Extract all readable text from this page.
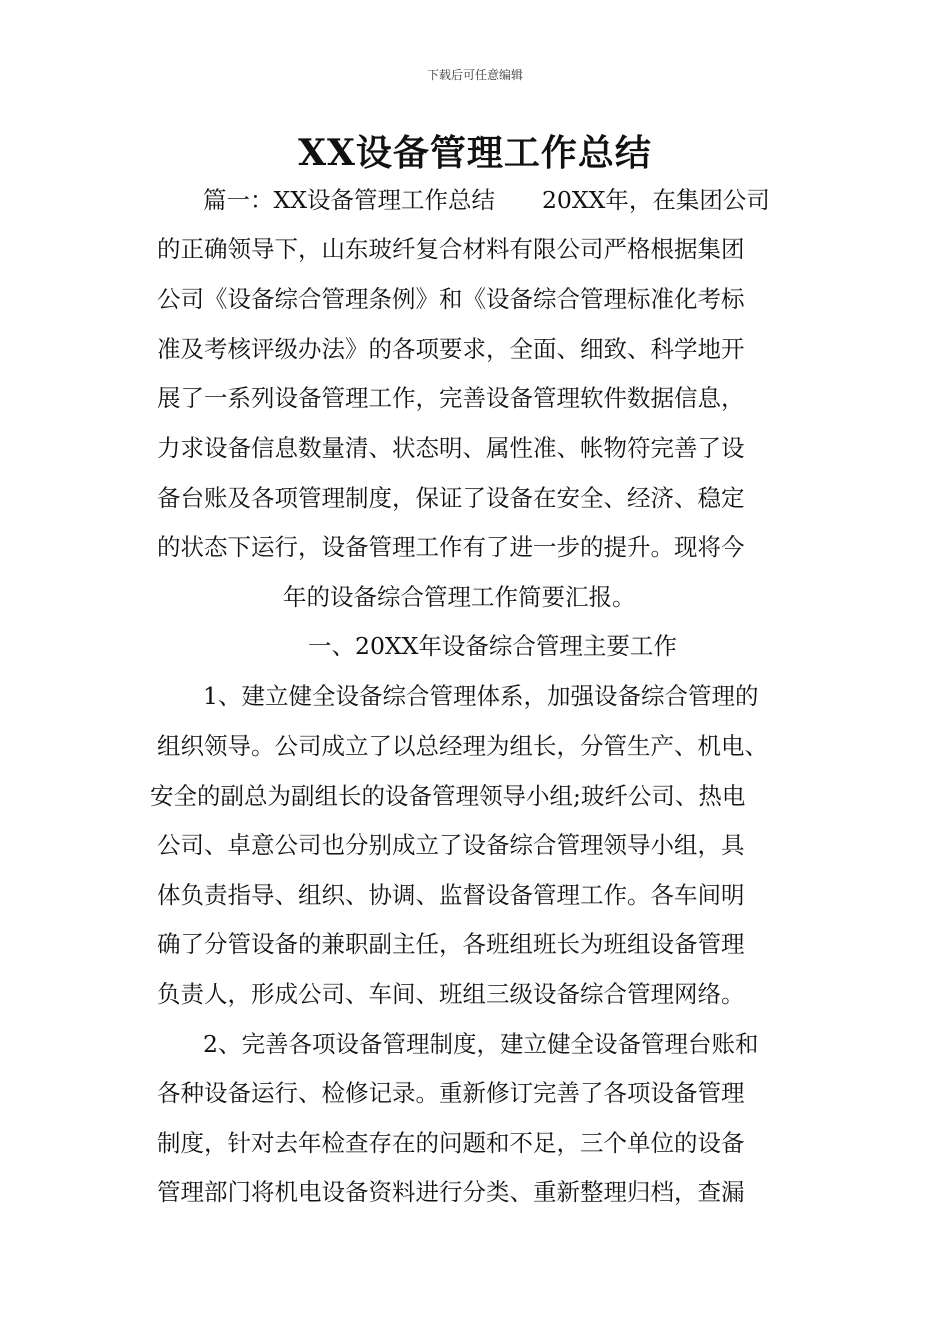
下载后可任意编辑
XX设备管理工作总结
篇一：XX设备管理工作总结　　20XX年，在集团公司
的正确领导下，山东玻纤复合材料有限公司严格根据集团
公司《设备综合管理条例》和《设备综合管理标准化考标
准及考核评级办法》的各项要求，全面、细致、科学地开
展了一系列设备管理工作，完善设备管理软件数据信息，
力求设备信息数量清、状态明、属性准、帐物符完善了设
备台账及各项管理制度，保证了设备在安全、经济、稳定
的状态下运行，设备管理工作有了进一步的提升。现将今
年的设备综合管理工作简要汇报。
一、20XX年设备综合管理主要工作
1、建立健全设备综合管理体系，加强设备综合管理的
组织领导。公司成立了以总经理为组长，分管生产、机电、
安全的副总为副组长的设备管理领导小组;玻纤公司、热电
公司、卓意公司也分别成立了设备综合管理领导小组，具
体负责指导、组织、协调、监督设备管理工作。各车间明
确了分管设备的兼职副主任，各班组班长为班组设备管理
负责人，形成公司、车间、班组三级设备综合管理网络。
2、完善各项设备管理制度，建立健全设备管理台账和
各种设备运行、检修记录。重新修订完善了各项设备管理
制度，针对去年检查存在的问题和不足，三个单位的设备
管理部门将机电设备资料进行分类、重新整理归档，查漏
